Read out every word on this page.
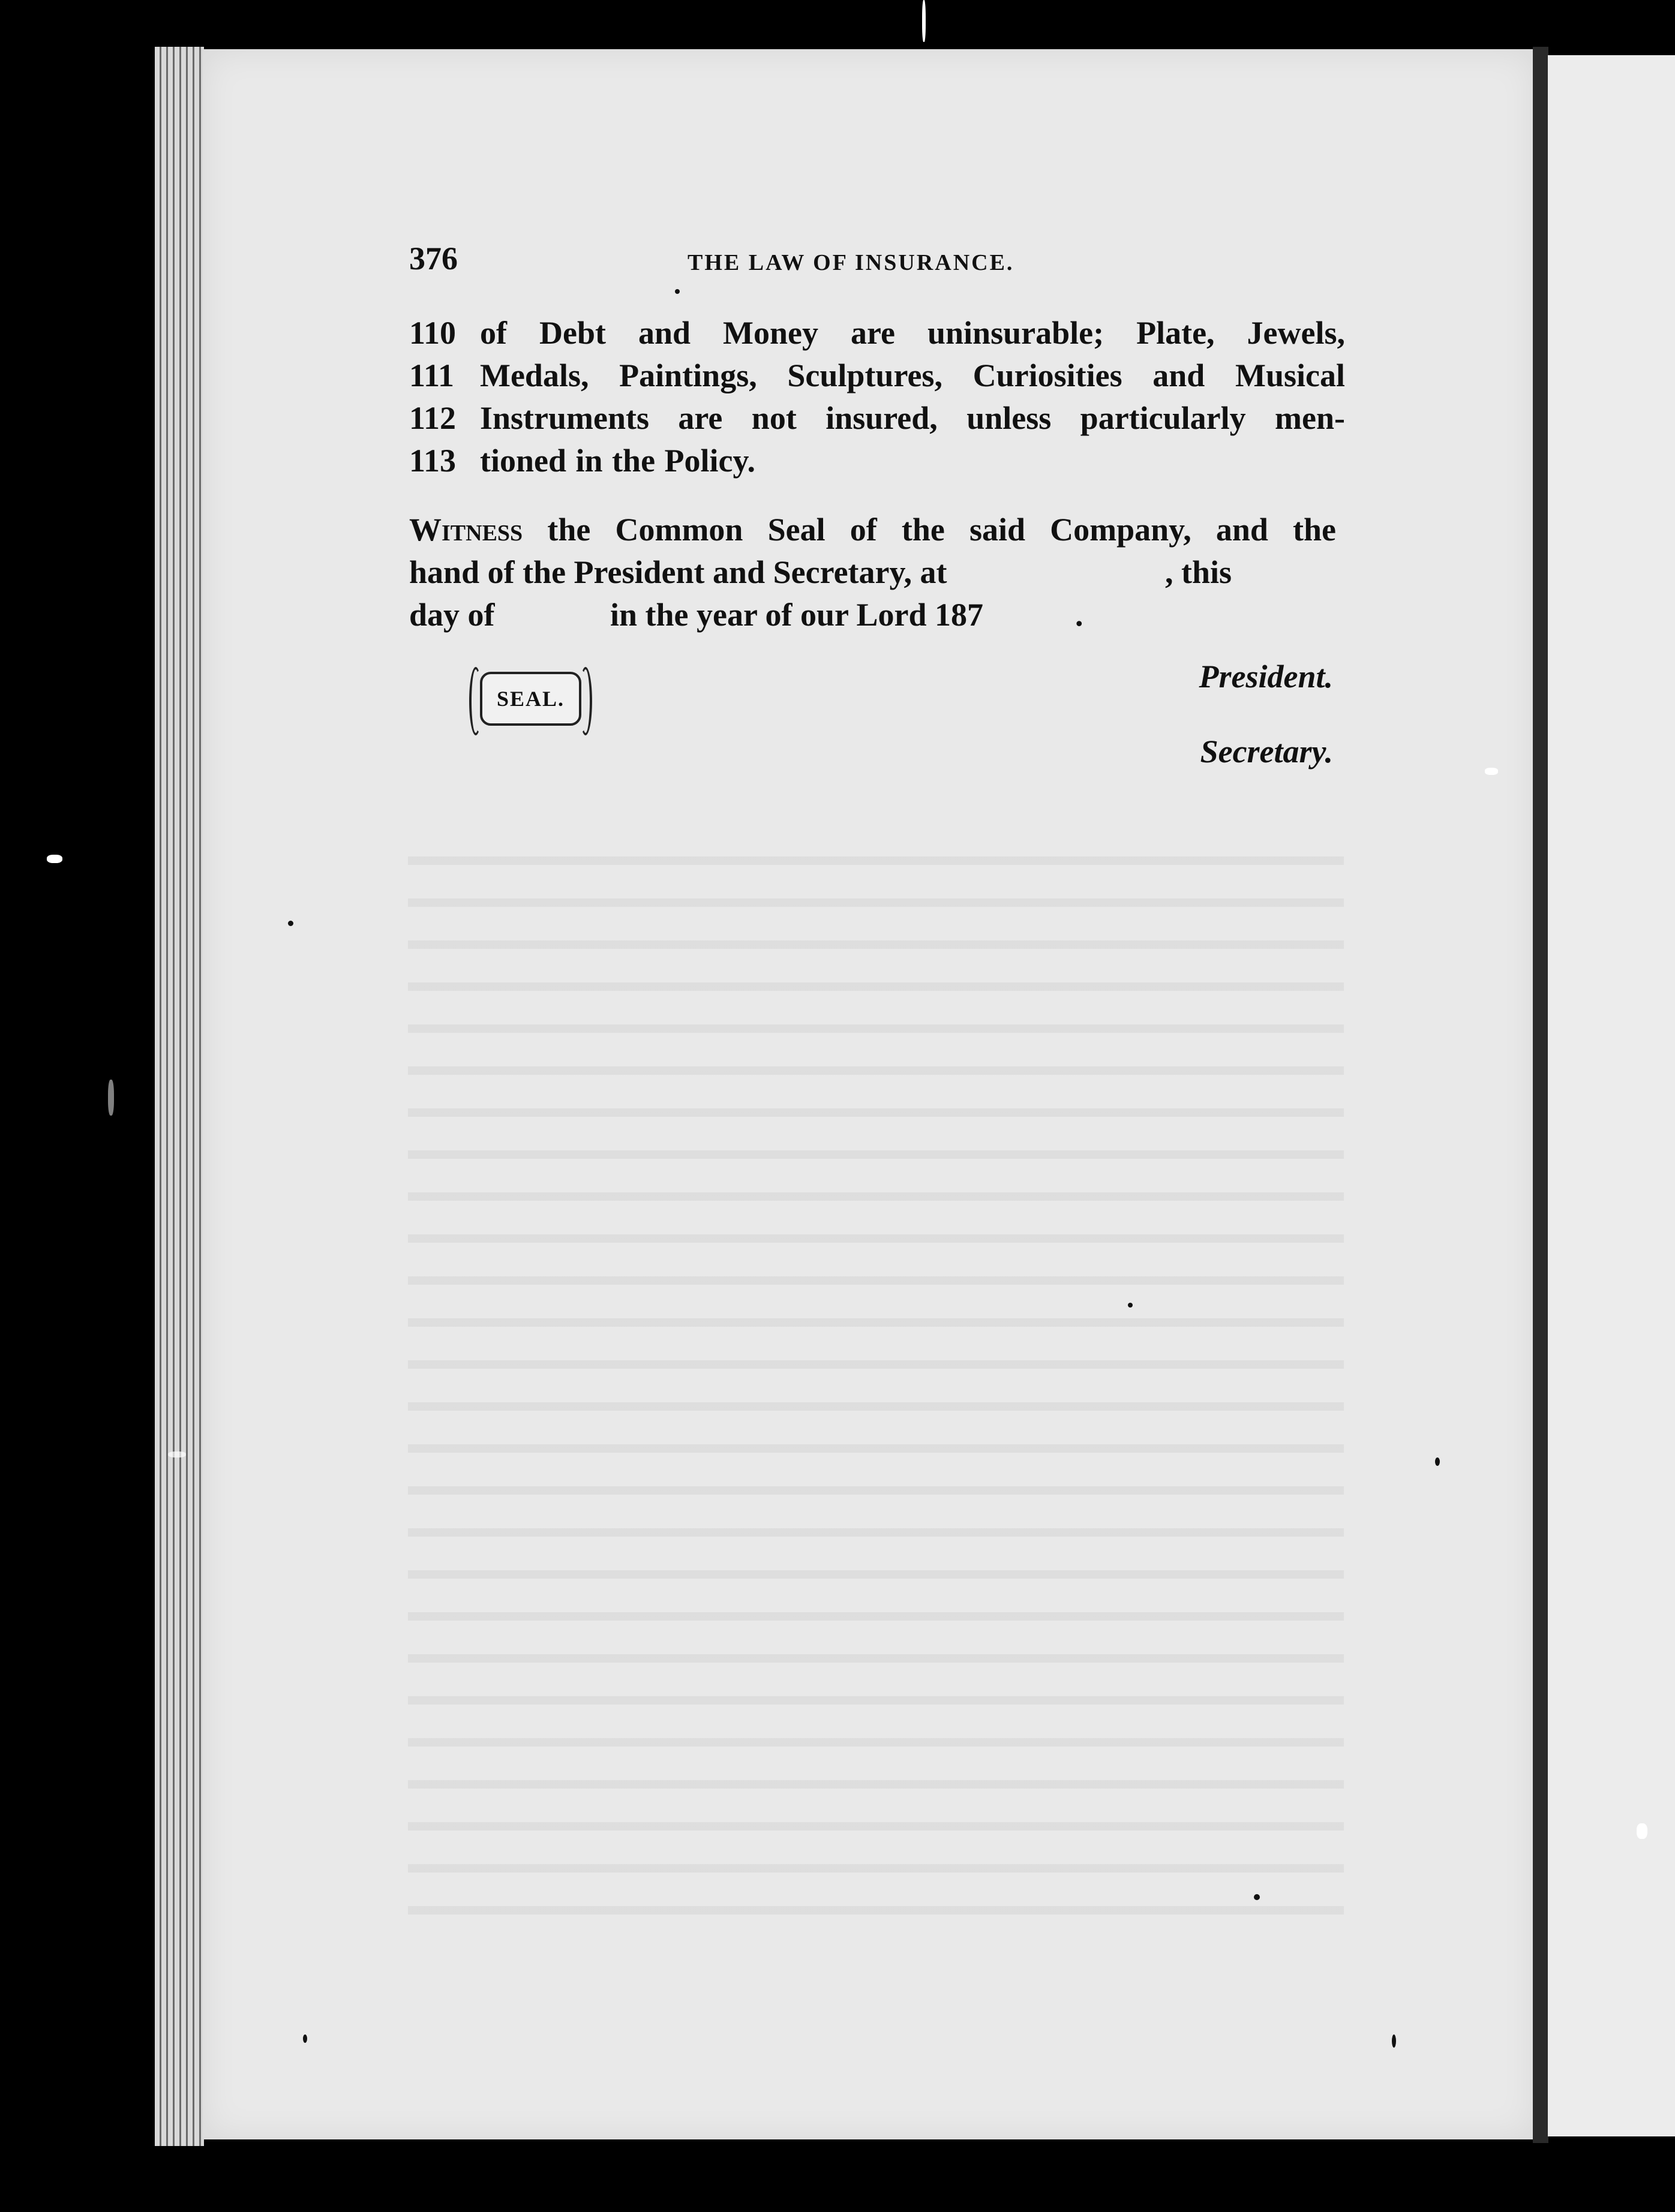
376	THE LAW OF INSURANCE.
110 of Debt and Money are uninsurable; Plate, Jewels,
111 Medals, Paintings, Sculptures, Curiosities and Musical
112 Instruments are not insured, unless particularly men-
113 tioned in the Policy.
Witness the Common Seal of the said Company, and the
hand of the President and Secretary, at	, this
day of	in the year of our Lord 187	.
SEAL.
President.
Secretary.
